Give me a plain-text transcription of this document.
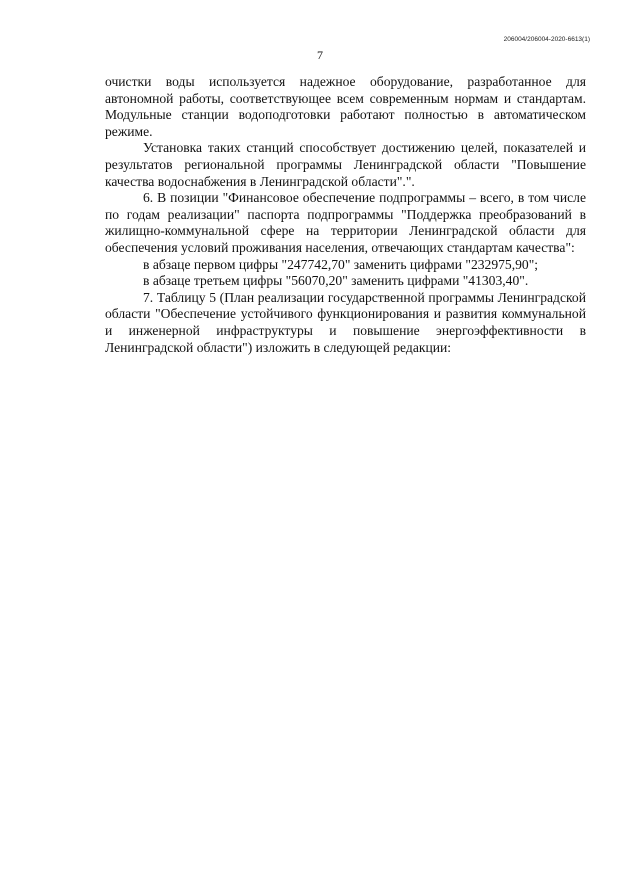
206004/206004-2020-6613(1)
7

очистки воды используется надежное оборудование, разработанное для автономной работы, соответствующее всем современным нормам и стандартам. Модульные станции водоподготовки работают полностью в автоматическом режиме.

Установка таких станций способствует достижению целей, показателей и результатов региональной программы Ленинградской области "Повышение качества водоснабжения в Ленинградской области".".

6. В позиции "Финансовое обеспечение подпрограммы – всего, в том числе по годам реализации" паспорта подпрограммы "Поддержка преобразований в жилищно-коммунальной сфере на территории Ленинградской области для обеспечения условий проживания населения, отвечающих стандартам качества":

в абзаце первом цифры "247742,70" заменить цифрами "232975,90";

в абзаце третьем цифры "56070,20" заменить цифрами "41303,40".

7. Таблицу 5 (План реализации государственной программы Ленинградской области "Обеспечение устойчивого функционирования и развития коммунальной и инженерной инфраструктуры и повышение энергоэффективности в Ленинградской области") изложить в следующей редакции:
